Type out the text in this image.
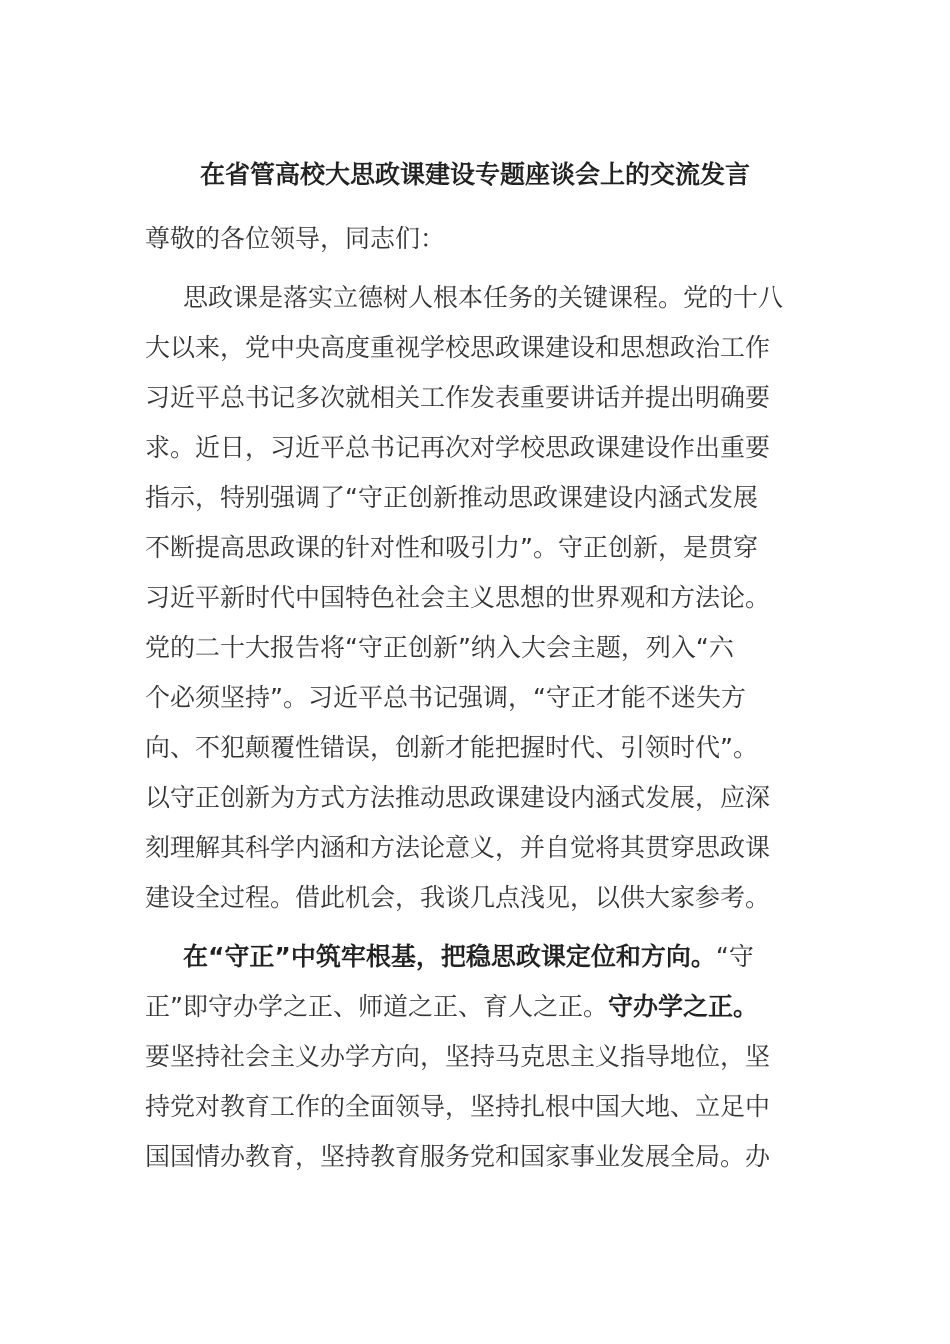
在省管高校大思政课建设专题座谈会上的交流发言
尊敬的各位领导，同志们：
思政课是落实立德树人根本任务的关键课程。党的十八
大以来，党中央高度重视学校思政课建设和思想政治工作
习近平总书记多次就相关工作发表重要讲话并提出明确要
求。近日，习近平总书记再次对学校思政课建设作出重要
指示，特别强调了“守正创新推动思政课建设内涵式发展
不断提高思政课的针对性和吸引力”。守正创新，是贯穿
习近平新时代中国特色社会主义思想的世界观和方法论。
党的二十大报告将“守正创新”纳入大会主题，列入“六
个必须坚持”。习近平总书记强调，“守正才能不迷失方
向、不犯颠覆性错误，创新才能把握时代、引领时代”。
以守正创新为方式方法推动思政课建设内涵式发展，应深
刻理解其科学内涵和方法论意义，并自觉将其贯穿思政课
建设全过程。借此机会，我谈几点浅见，以供大家参考。
在“守正”中筑牢根基，把稳思政课定位和方向。“守
正”即守办学之正、师道之正、育人之正。守办学之正。
要坚持社会主义办学方向，坚持马克思主义指导地位，坚
持党对教育工作的全面领导，坚持扎根中国大地、立足中
国国情办教育，坚持教育服务党和国家事业发展全局。办
